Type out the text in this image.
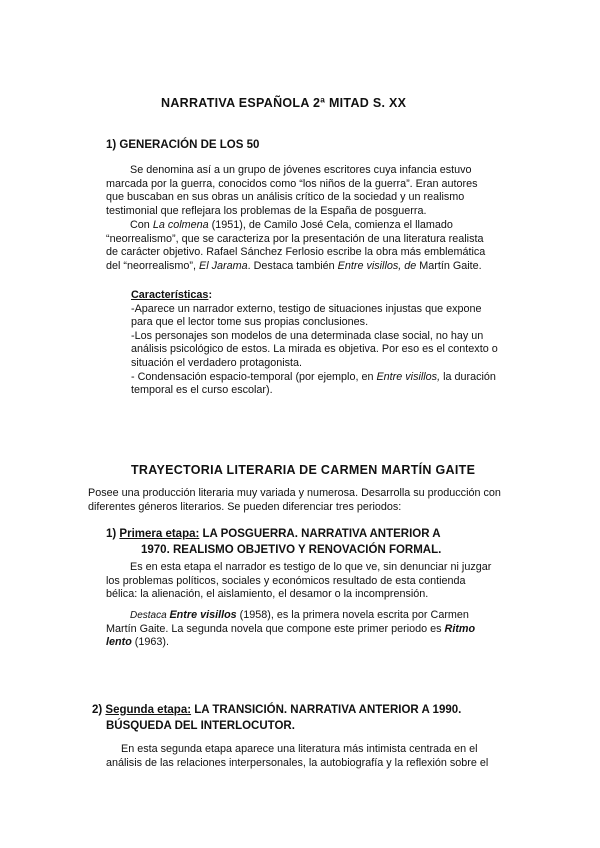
NARRATIVA ESPAÑOLA 2ª MITAD S. XX
1) GENERACIÓN DE LOS 50
Se denomina así a un grupo de jóvenes escritores cuya infancia estuvo
marcada por la guerra, conocidos como “los niños de la guerra”. Eran autores
que buscaban en sus obras un análisis crítico de la sociedad y un realismo
testimonial que reflejara los problemas de la España de posguerra.
Con La colmena (1951), de Camilo José Cela, comienza el llamado
“neorrealismo”, que se caracteriza por la presentación de una literatura realista
de carácter objetivo. Rafael Sánchez Ferlosio escribe la obra más emblemática
del “neorrealismo”, El Jarama. Destaca también Entre visillos, de Martín Gaite.
Características:
-Aparece un narrador externo, testigo de situaciones injustas que expone
para que el lector tome sus propias conclusiones.
-Los personajes son modelos de una determinada clase social, no hay un
análisis psicológico de estos. La mirada es objetiva. Por eso es el contexto o
situación el verdadero protagonista.
- Condensación espacio-temporal (por ejemplo, en Entre visillos, la duración
temporal es el curso escolar).
TRAYECTORIA LITERARIA DE CARMEN MARTÍN GAITE
Posee una producción literaria muy variada y numerosa. Desarrolla su producción con
diferentes géneros literarios. Se pueden diferenciar tres periodos:
1) Primera etapa: LA POSGUERRA. NARRATIVA ANTERIOR A
1970. REALISMO OBJETIVO Y RENOVACIÓN FORMAL.
Es en esta etapa el narrador es testigo de lo que ve, sin denunciar ni juzgar
los problemas políticos, sociales y económicos resultado de esta contienda
bélica: la alienación, el aislamiento, el desamor o la incomprensión.
Destaca Entre visillos (1958), es la primera novela escrita por Carmen
Martín Gaite. La segunda novela que compone este primer periodo es Ritmo
lento (1963).
2) Segunda etapa: LA TRANSICIÓN. NARRATIVA ANTERIOR A 1990.
BÚSQUEDA DEL INTERLOCUTOR.
En esta segunda etapa aparece una literatura más intimista centrada en el
análisis de las relaciones interpersonales, la autobiografía y la reflexión sobre el
